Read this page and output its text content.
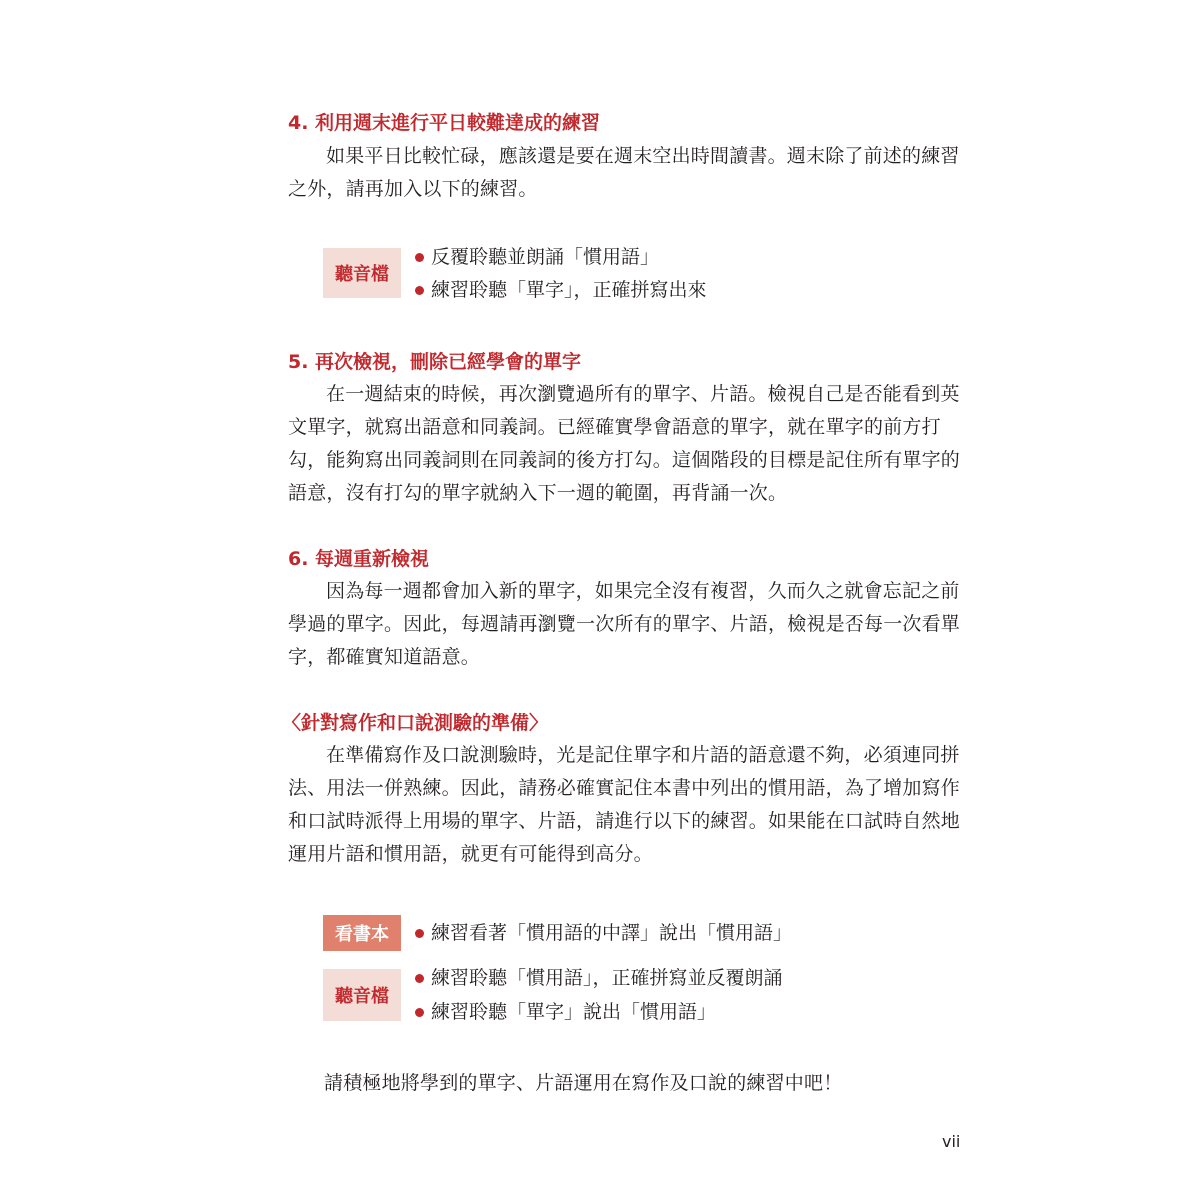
4. 利用週末進行平日較難達成的練習
如果平日比較忙碌，應該還是要在週末空出時間讀書。週末除了前述的練習
之外，請再加入以下的練習。
聽音檔
反覆聆聽並朗誦「慣用語」
練習聆聽「單字」，正確拼寫出來
5. 再次檢視，刪除已經學會的單字
在一週結束的時候，再次瀏覽過所有的單字、片語。檢視自己是否能看到英
文單字，就寫出語意和同義詞。已經確實學會語意的單字，就在單字的前方打
勾，能夠寫出同義詞則在同義詞的後方打勾。這個階段的目標是記住所有單字的
語意，沒有打勾的單字就納入下一週的範圍，再背誦一次。
6. 每週重新檢視
因為每一週都會加入新的單字，如果完全沒有複習，久而久之就會忘記之前
學過的單字。因此，每週請再瀏覽一次所有的單字、片語，檢視是否每一次看單
字，都確實知道語意。
〈針對寫作和口說測驗的準備〉
在準備寫作及口說測驗時，光是記住單字和片語的語意還不夠，必須連同拼
法、用法一併熟練。因此，請務必確實記住本書中列出的慣用語，為了增加寫作
和口試時派得上用場的單字、片語，請進行以下的練習。如果能在口試時自然地
運用片語和慣用語，就更有可能得到高分。
看書本	練習看著「慣用語的中譯」說出「慣用語」
聽音檔
練習聆聽「慣用語」，正確拼寫並反覆朗誦
練習聆聽「單字」說出「慣用語」
請積極地將學到的單字、片語運用在寫作及口說的練習中吧！
vii
